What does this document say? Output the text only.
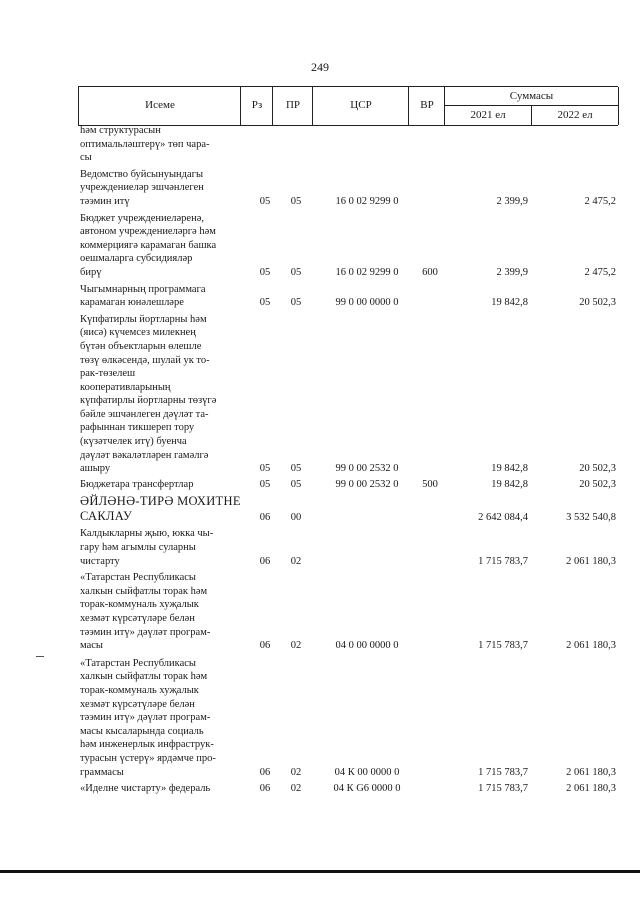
249
Исеме	Рз	ПР	ЦСР	ВР
Суммасы
2021 ел	2022 ел
һәм структурасын
оптимальләштерү» төп чара-
сы
Ведомство буйсынуындагы
учреждениеләр эшчәнлеген
тәэмин итү	05	05	16 0 02 9299 0	2 399,9	2 475,2
Бюджет учреждениеләренә,
автоном учреждениеләргә һәм
коммерциягә карамаган башка
оешмаларга субсидияләр
бирү	05	05	16 0 02 9299 0	600	2 399,9	2 475,2
Чыгымнарның программага
карамаган юнәлешләре	05	05	99 0 00 0000 0	19 842,8	20 502,3
Күпфатирлы йортларны һәм
(яисә) күчемсез милекнең
бүтән объектларын өлешле
төзү өлкәсендә, шулай ук то-
рак-төзелеш
кооперативларының
күпфатирлы йортларны төзүгә
бәйле эшчәнлеген дәүләт та-
рафыннан тикшереп тору
(күзәтчелек итү) буенча
дәүләт вәкаләтләрен гамәлгә
ашыру	05	05	99 0 00 2532 0	19 842,8	20 502,3
Бюджетара трансфертлар	05	05	99 0 00 2532 0	500	19 842,8	20 502,3
ӘЙЛӘНӘ-ТИРӘ МОХИТНЕ
САКЛАУ	06	00	2 642 084,4	3 532 540,8
Калдыкларны җыю, юкка чы-
гару һәм агымлы суларны
чистарту	06	02	1 715 783,7	2 061 180,3
«Татарстан Республикасы
халкын сыйфатлы торак һәм
торак-коммуналь хуҗалык
хезмәт күрсәтүләре белән
тәэмин итү» дәүләт програм-
масы	06	02	04 0 00 0000 0	1 715 783,7	2 061 180,3
«Татарстан Республикасы
халкын сыйфатлы торак һәм
торак-коммуналь хуҗалык
хезмәт күрсәтүләре белән
тәэмин итү» дәүләт програм-
масы кысаларында социаль
һәм инженерлык инфраструк-
турасын үстерү» ярдәмче про-
граммасы	06	02	04 К 00 0000 0	1 715 783,7	2 061 180,3
«Иделне чистарту» федераль	06	02	04 К G6 0000 0	1 715 783,7	2 061 180,3
